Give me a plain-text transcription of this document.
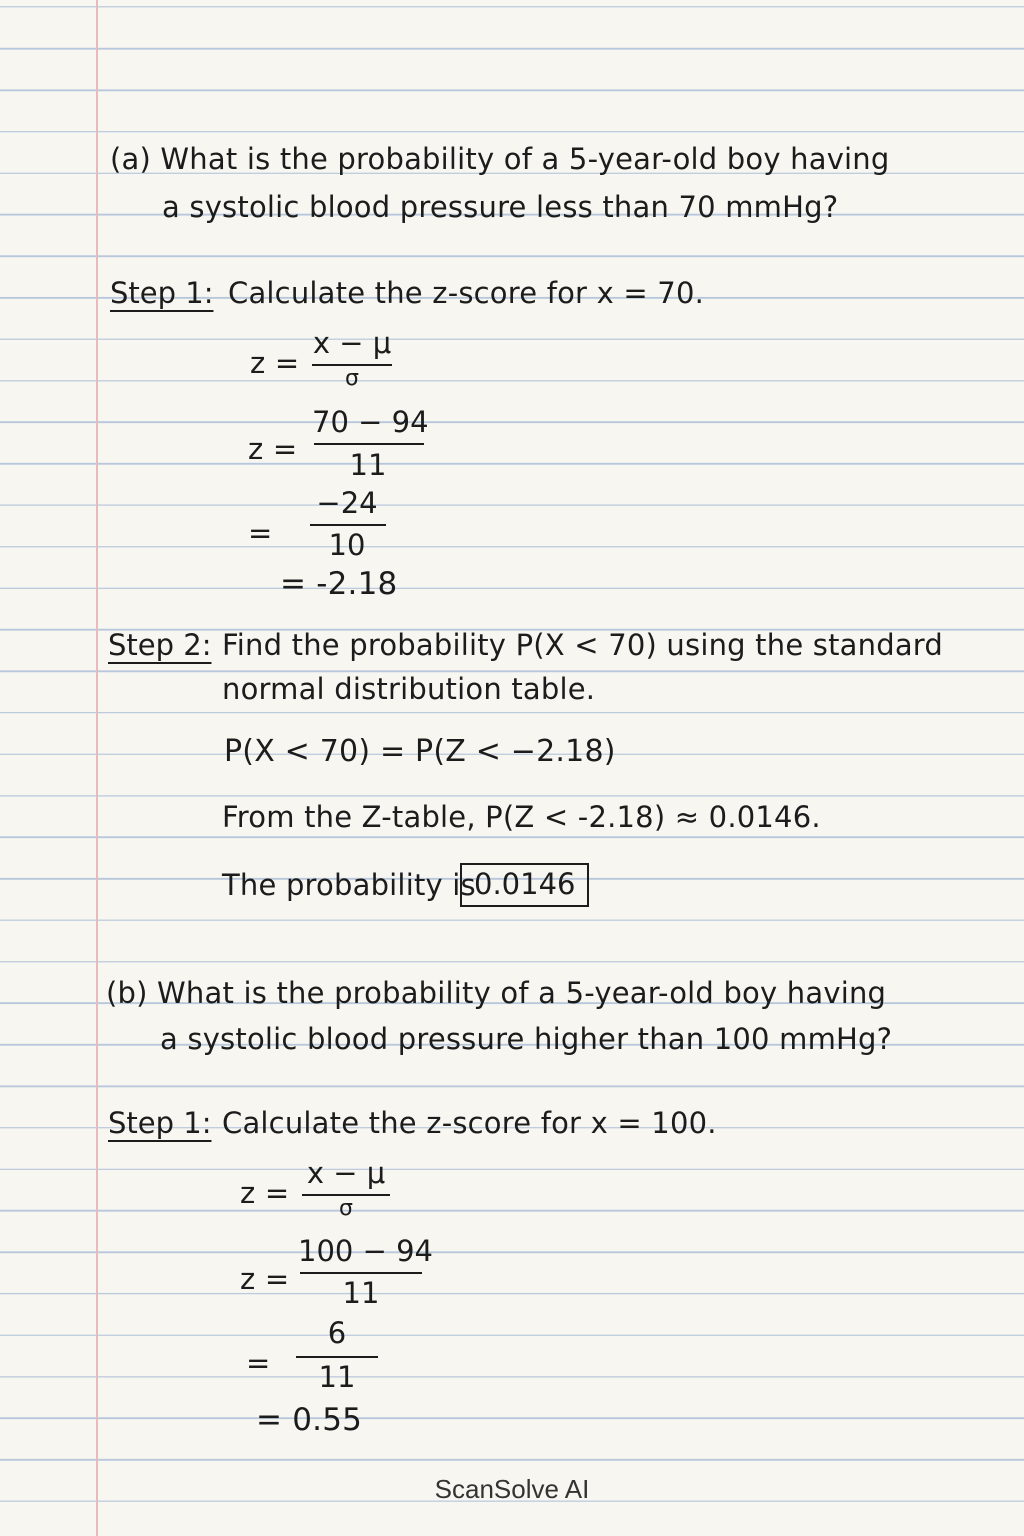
(a) What is the probability of a 5-year-old boy having
a systolic blood pressure less than 70 mmHg?
Step 1: Calculate the z-score for x = 70.
z =
x − μ
σ
z =
70 − 94
11
=
−24
10
= -2.18
Step 2: Find the probability P(X < 70) using the standard
normal distribution table.
P(X < 70) = P(Z < −2.18)
From the Z-table, P(Z < -2.18) ≈ 0.0146.
The probability is
0.0146
(b) What is the probability of a 5-year-old boy having
a systolic blood pressure higher than 100 mmHg?
Step 1: Calculate the z-score for x = 100.
z =
x − μ
σ
z =
100 − 94
11
=
6
11
= 0.55
ScanSolve AI
